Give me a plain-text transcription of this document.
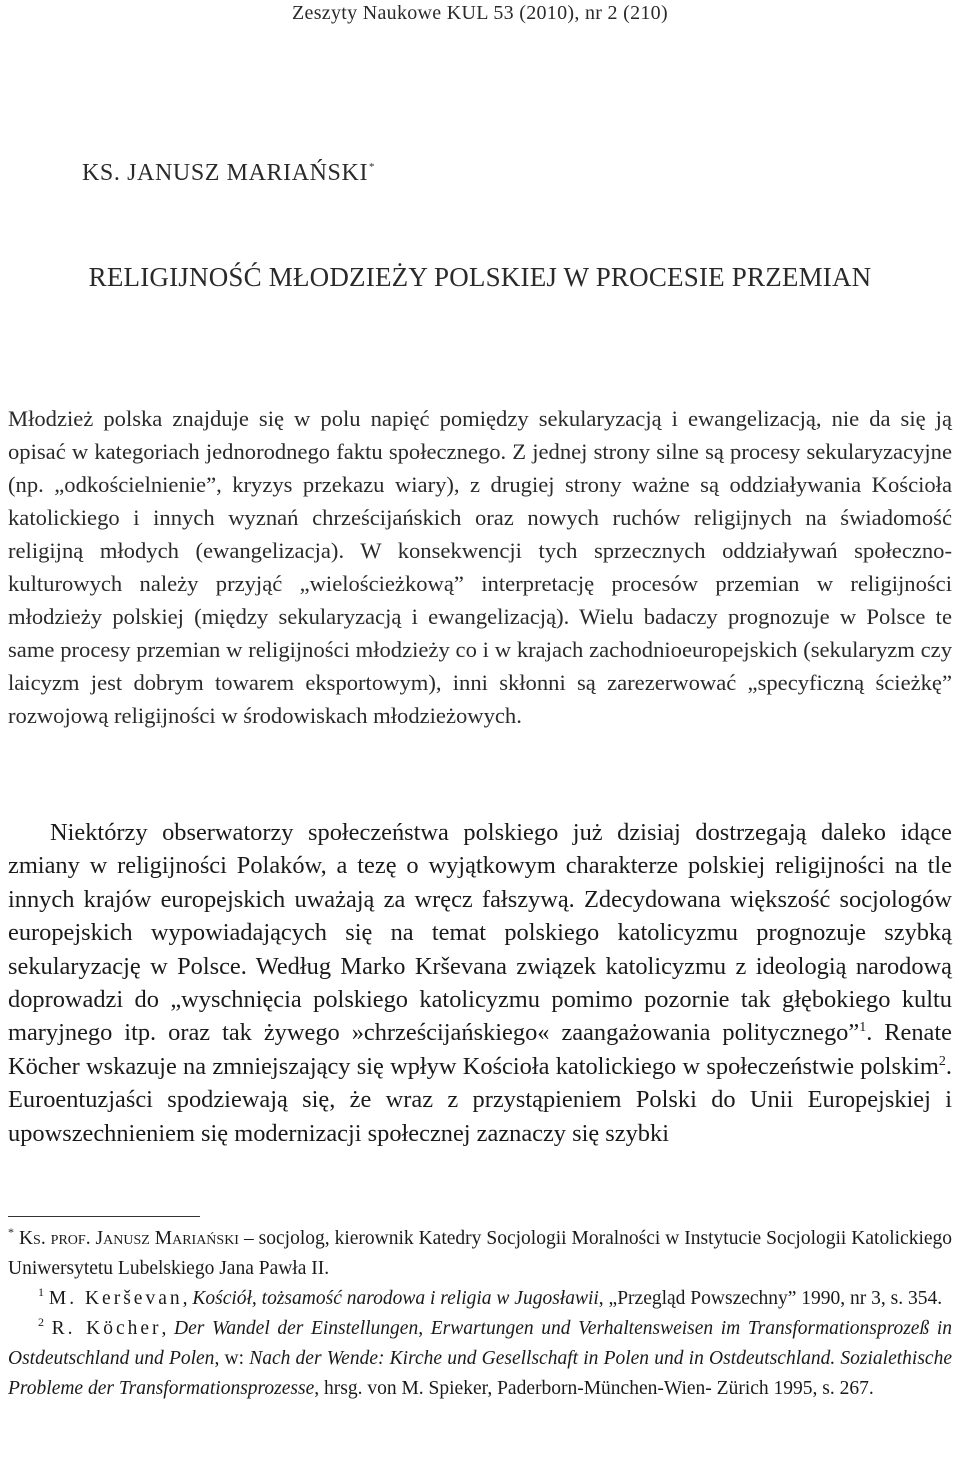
Zeszyty Naukowe KUL 53 (2010), nr 2 (210)
KS. JANUSZ MARIAŃSKI*
RELIGIJNOŚĆ MŁODZIEŻY POLSKIEJ W PROCESIE PRZEMIAN

Młodzież polska znajduje się w polu napięć pomiędzy sekularyzacją i ewangelizacją, nie da się ją opisać w kategoriach jednorodnego faktu społecznego. Z jednej strony silne są procesy sekularyzacyjne (np. „odkościelnienie”, kryzys przekazu wiary), z drugiej strony ważne są oddziaływania Kościoła katolickiego i innych wyznań chrześcijańskich oraz nowych ruchów religijnych na świadomość religijną młodych (ewangelizacja). W konsekwencji tych sprzecznych oddziaływań społeczno-kulturowych należy przyjąć „wielościeżkową” interpretację procesów przemian w religijności młodzieży polskiej (między sekularyzacją i ewangelizacją). Wielu badaczy prognozuje w Polsce te same procesy przemian w religijności młodzieży co i w krajach zachodnioeuropejskich (sekularyzm czy laicyzm jest dobrym towarem eksportowym), inni skłonni są zarezerwować „specyficzną ścieżkę” rozwojową religijności w środowiskach młodzieżowych.

Niektórzy obserwatorzy społeczeństwa polskiego już dzisiaj dostrzegają daleko idące zmiany w religijności Polaków, a tezę o wyjątkowym charakterze polskiej religijności na tle innych krajów europejskich uważają za wręcz fałszywą. Zdecydowana większość socjologów europejskich wypowiadających się na temat polskiego katolicyzmu prognozuje szybką sekularyzację w Polsce. Według Marko Krševana związek katolicyzmu z ideologią narodową doprowadzi do „wyschnięcia polskiego katolicyzmu pomimo pozornie tak głębokiego kultu maryjnego itp. oraz tak żywego »chrześcijańskiego« zaangażowania politycznego”$^1$. Renate Köcher wskazuje na zmniejszający się wpływ Kościoła katolickiego w społeczeństwie polskim$^2$. Euroentuzjaści spodziewają się, że wraz z przystąpieniem Polski do Unii Europejskiej i upowszechnieniem się modernizacji społecznej zaznaczy się szybki

* Ks. prof. Janusz Mariański – socjolog, kierownik Katedry Socjologii Moralności w Instytucie Socjologii Katolickiego Uniwersytetu Lubelskiego Jana Pawła II.

$^1$ M. Kerševan, Kościół, tożsamość narodowa i religia w Jugosławii, „Przegląd Powszechny” 1990, nr 3, s. 354.

$^2$ R. Köcher, Der Wandel der Einstellungen, Erwartungen und Verhaltensweisen im Transformationsprozeß in Ostdeutschland und Polen, w: Nach der Wende: Kirche und Gesellschaft in Polen und in Ostdeutschland. Sozialethische Probleme der Transformationsprozesse, hrsg. von M. Spieker, Paderborn-München-Wien- Zürich 1995, s. 267.
